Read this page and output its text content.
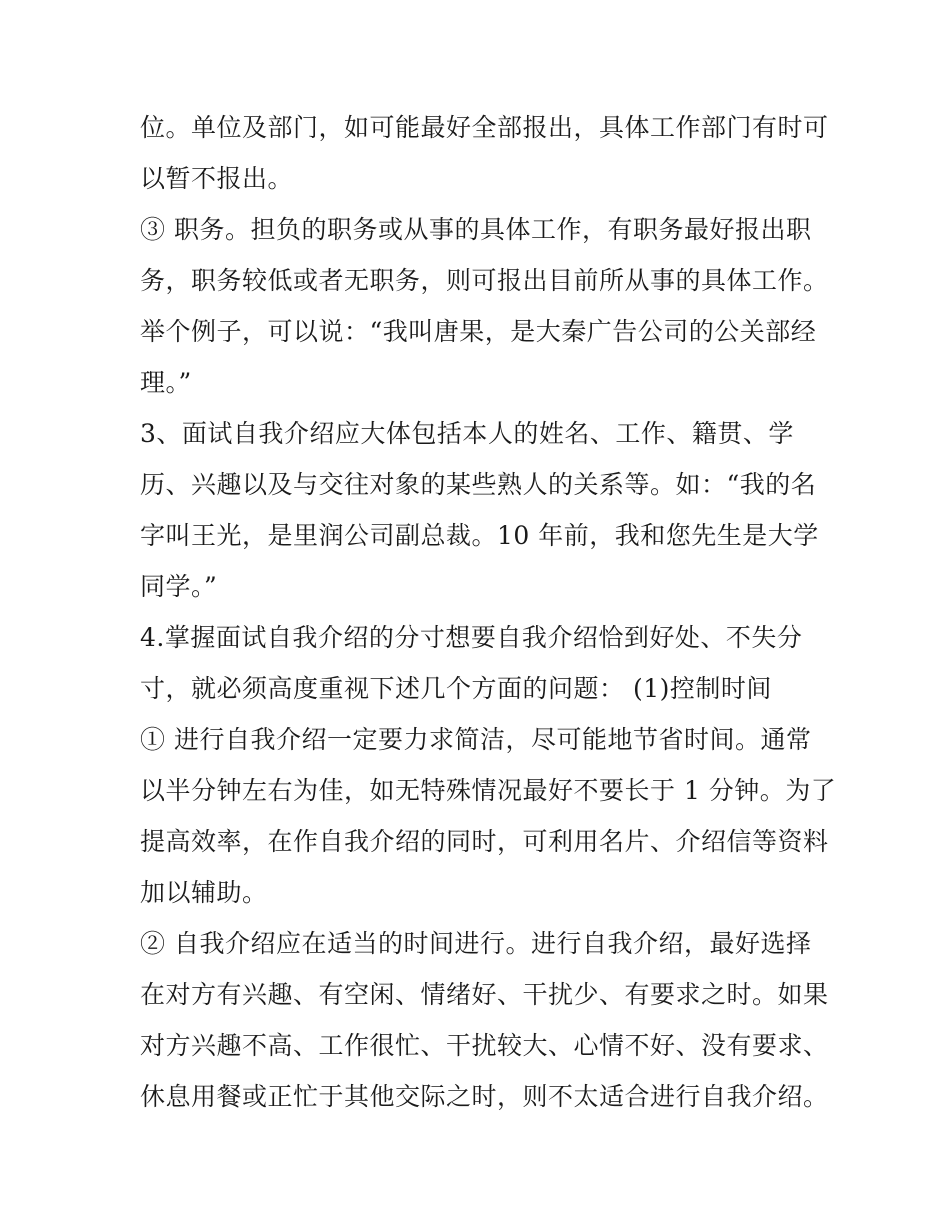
位。单位及部门，如可能最好全部报出，具体工作部门有时可
以暂不报出。
③ 职务。担负的职务或从事的具体工作，有职务最好报出职
务，职务较低或者无职务，则可报出目前所从事的具体工作。
举个例子，可以说：“我叫唐果，是大秦广告公司的公关部经
理。”
3、面试自我介绍应大体包括本人的姓名、工作、籍贯、学
历、兴趣以及与交往对象的某些熟人的关系等。如：“我的名
字叫王光，是里润公司副总裁。10 年前，我和您先生是大学
同学。”
4.掌握面试自我介绍的分寸想要自我介绍恰到好处、不失分
寸，就必须高度重视下述几个方面的问题： (1)控制时间
① 进行自我介绍一定要力求简洁，尽可能地节省时间。通常
以半分钟左右为佳，如无特殊情况最好不要长于 1 分钟。为了
提高效率，在作自我介绍的同时，可利用名片、介绍信等资料
加以辅助。
② 自我介绍应在适当的时间进行。进行自我介绍，最好选择
在对方有兴趣、有空闲、情绪好、干扰少、有要求之时。如果
对方兴趣不高、工作很忙、干扰较大、心情不好、没有要求、
休息用餐或正忙于其他交际之时，则不太适合进行自我介绍。
